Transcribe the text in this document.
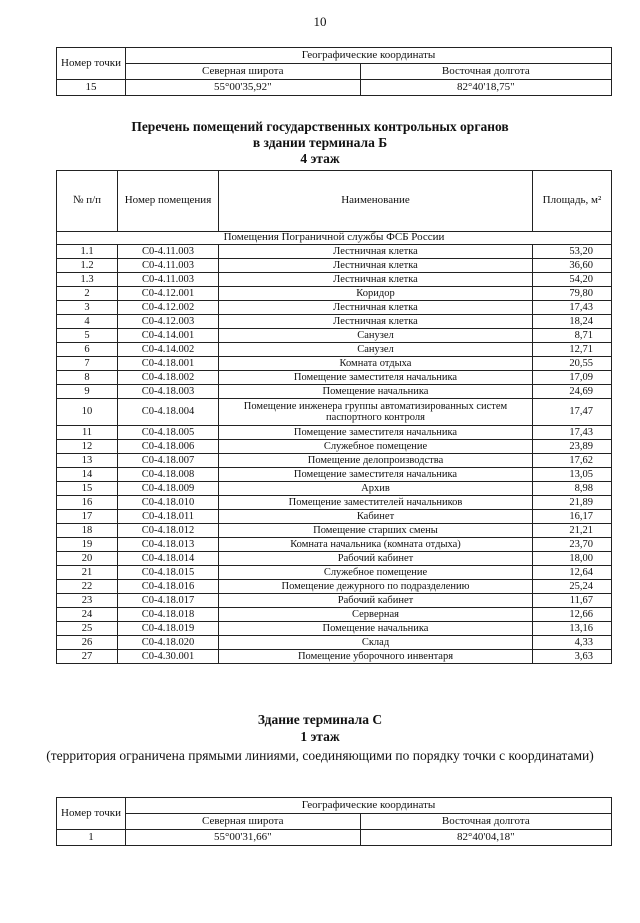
10
Номер точки	Географические координаты	
	Северная широта	Восточная долгота
15	55°00'35,92"	82°40'18,75"
Перечень помещений государственных контрольных органов
в здании терминала Б
4 этаж
№ п/п	Номер помещения	Наименование	Площадь, м²
Помещения Пограничной службы ФСБ России			
1.1	С0-4.11.003	Лестничная клетка	53,20
1.2	С0-4.11.003	Лестничная клетка	36,60
1.3	С0-4.11.003	Лестничная клетка	54,20
2	С0-4.12.001	Коридор	79,80
3	С0-4.12.002	Лестничная клетка	17,43
4	С0-4.12.003	Лестничная клетка	18,24
5	С0-4.14.001	Санузел	8,71
6	С0-4.14.002	Санузел	12,71
7	С0-4.18.001	Комната отдыха	20,55
8	С0-4.18.002	Помещение заместителя начальника	17,09
9	С0-4.18.003	Помещение начальника	24,69
10	С0-4.18.004	Помещение инженера группы автоматизированных систем паспортного контроля	17,47
11	С0-4.18.005	Помещение заместителя начальника	17,43
12	С0-4.18.006	Служебное помещение	23,89
13	С0-4.18.007	Помещение делопроизводства	17,62
14	С0-4.18.008	Помещение заместителя начальника	13,05
15	С0-4.18.009	Архив	8,98
16	С0-4.18.010	Помещение заместителей начальников	21,89
17	С0-4.18.011	Кабинет	16,17
18	С0-4.18.012	Помещение старших смены	21,21
19	С0-4.18.013	Комната начальника (комната отдыха)	23,70
20	С0-4.18.014	Рабочий кабинет	18,00
21	С0-4.18.015	Служебное помещение	12,64
22	С0-4.18.016	Помещение дежурного по подразделению	25,24
23	С0-4.18.017	Рабочий кабинет	11,67
24	С0-4.18.018	Серверная	12,66
25	С0-4.18.019	Помещение начальника	13,16
26	С0-4.18.020	Склад	4,33
27	С0-4.30.001	Помещение уборочного инвентаря	3,63
Здание терминала С
1 этаж
(территория ограничена прямыми линиями, соединяющими по порядку точки с координатами)
Номер точки	Географические координаты	
	Северная широта	Восточная долгота
1	55°00'31,66"	82°40'04,18"
